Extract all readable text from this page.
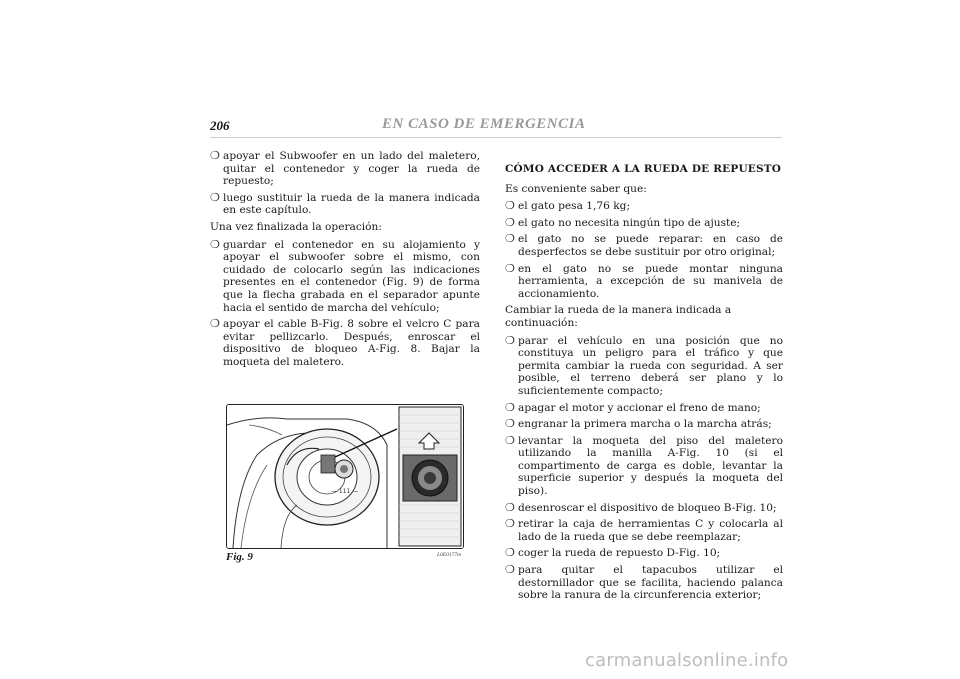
206	EN CASO DE EMERGENCIA

❍ apoyar el Subwoofer en un lado del maletero, quitar el contenedor y coger la rueda de repuesto;

❍ luego sustituir la rueda de la manera indicada en este capítulo.

Una vez finalizada la operación:

❍ guardar el contenedor en su alojamiento y apoyar el subwoofer sobre el mismo, con cuidado de colocarlo según las indicaciones presentes en el contenedor (Fig. 9) de forma que la flecha grabada en el separador apunte hacia el sentido de marcha del vehículo;

❍ apoyar el cable B-Fig. 8 sobre el velcro C para evitar pellizcarlo. Después, enroscar el dispositivo de bloqueo A-Fig. 8. Bajar la moqueta del maletero.

— 111 —
Fig. 9	L0E0177m

CÓMO ACCEDER A LA RUEDA DE REPUESTO

Es conveniente saber que:

❍ el gato pesa 1,76 kg;

❍ el gato no necesita ningún tipo de ajuste;

❍ el gato no se puede reparar: en caso de desperfectos se debe sustituir por otro original;

❍ en el gato no se puede montar ninguna herramienta, a excepción de su manivela de accionamiento.

Cambiar la rueda de la manera indicada a continuación:

❍ parar el vehículo en una posición que no constituya un peligro para el tráfico y que permita cambiar la rueda con seguridad. A ser posible, el terreno deberá ser plano y lo suficientemente compacto;

❍ apagar el motor y accionar el freno de mano;

❍ engranar la primera marcha o la marcha atrás;

❍ levantar la moqueta del piso del maletero utilizando la manilla A-Fig. 10 (si el compartimento de carga es doble, levantar la superficie superior y después la moqueta del piso).

❍ desenroscar el dispositivo de bloqueo B-Fig. 10;

❍ retirar la caja de herramientas C y colocarla al lado de la rueda que se debe reemplazar;

❍ coger la rueda de repuesto D-Fig. 10;

❍ para quitar el tapacubos utilizar el destornillador que se facilita, haciendo palanca sobre la ranura de la circunferencia exterior;

carmanualsonline.info
